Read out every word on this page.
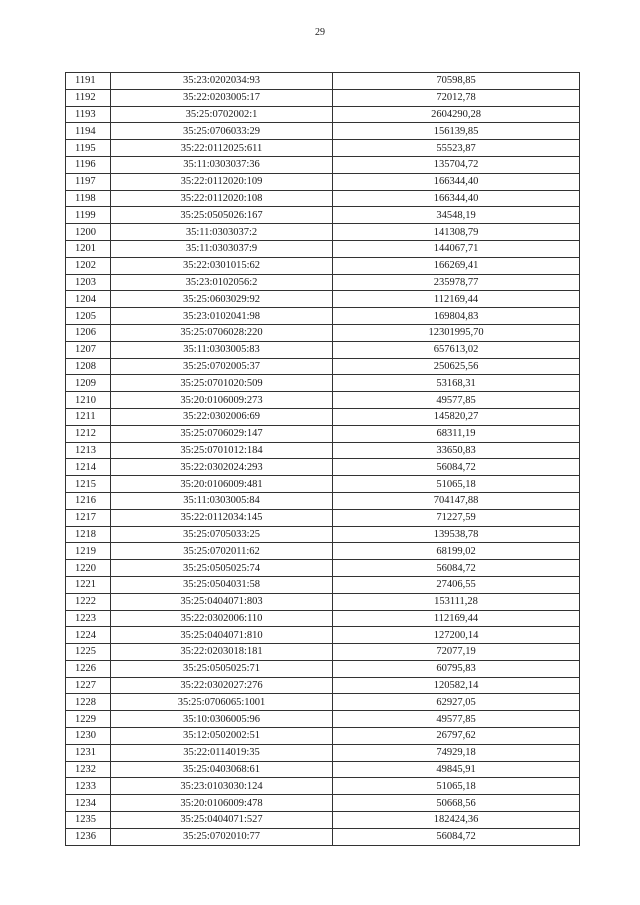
29
1191	35:23:0202034:93	70598,85
1192	35:22:0203005:17	72012,78
1193	35:25:0702002:1	2604290,28
1194	35:25:0706033:29	156139,85
1195	35:22:0112025:611	55523,87
1196	35:11:0303037:36	135704,72
1197	35:22:0112020:109	166344,40
1198	35:22:0112020:108	166344,40
1199	35:25:0505026:167	34548,19
1200	35:11:0303037:2	141308,79
1201	35:11:0303037:9	144067,71
1202	35:22:0301015:62	166269,41
1203	35:23:0102056:2	235978,77
1204	35:25:0603029:92	112169,44
1205	35:23:0102041:98	169804,83
1206	35:25:0706028:220	12301995,70
1207	35:11:0303005:83	657613,02
1208	35:25:0702005:37	250625,56
1209	35:25:0701020:509	53168,31
1210	35:20:0106009:273	49577,85
1211	35:22:0302006:69	145820,27
1212	35:25:0706029:147	68311,19
1213	35:25:0701012:184	33650,83
1214	35:22:0302024:293	56084,72
1215	35:20:0106009:481	51065,18
1216	35:11:0303005:84	704147,88
1217	35:22:0112034:145	71227,59
1218	35:25:0705033:25	139538,78
1219	35:25:0702011:62	68199,02
1220	35:25:0505025:74	56084,72
1221	35:25:0504031:58	27406,55
1222	35:25:0404071:803	153111,28
1223	35:22:0302006:110	112169,44
1224	35:25:0404071:810	127200,14
1225	35:22:0203018:181	72077,19
1226	35:25:0505025:71	60795,83
1227	35:22:0302027:276	120582,14
1228	35:25:0706065:1001	62927,05
1229	35:10:0306005:96	49577,85
1230	35:12:0502002:51	26797,62
1231	35:22:0114019:35	74929,18
1232	35:25:0403068:61	49845,91
1233	35:23:0103030:124	51065,18
1234	35:20:0106009:478	50668,56
1235	35:25:0404071:527	182424,36
1236	35:25:0702010:77	56084,72
